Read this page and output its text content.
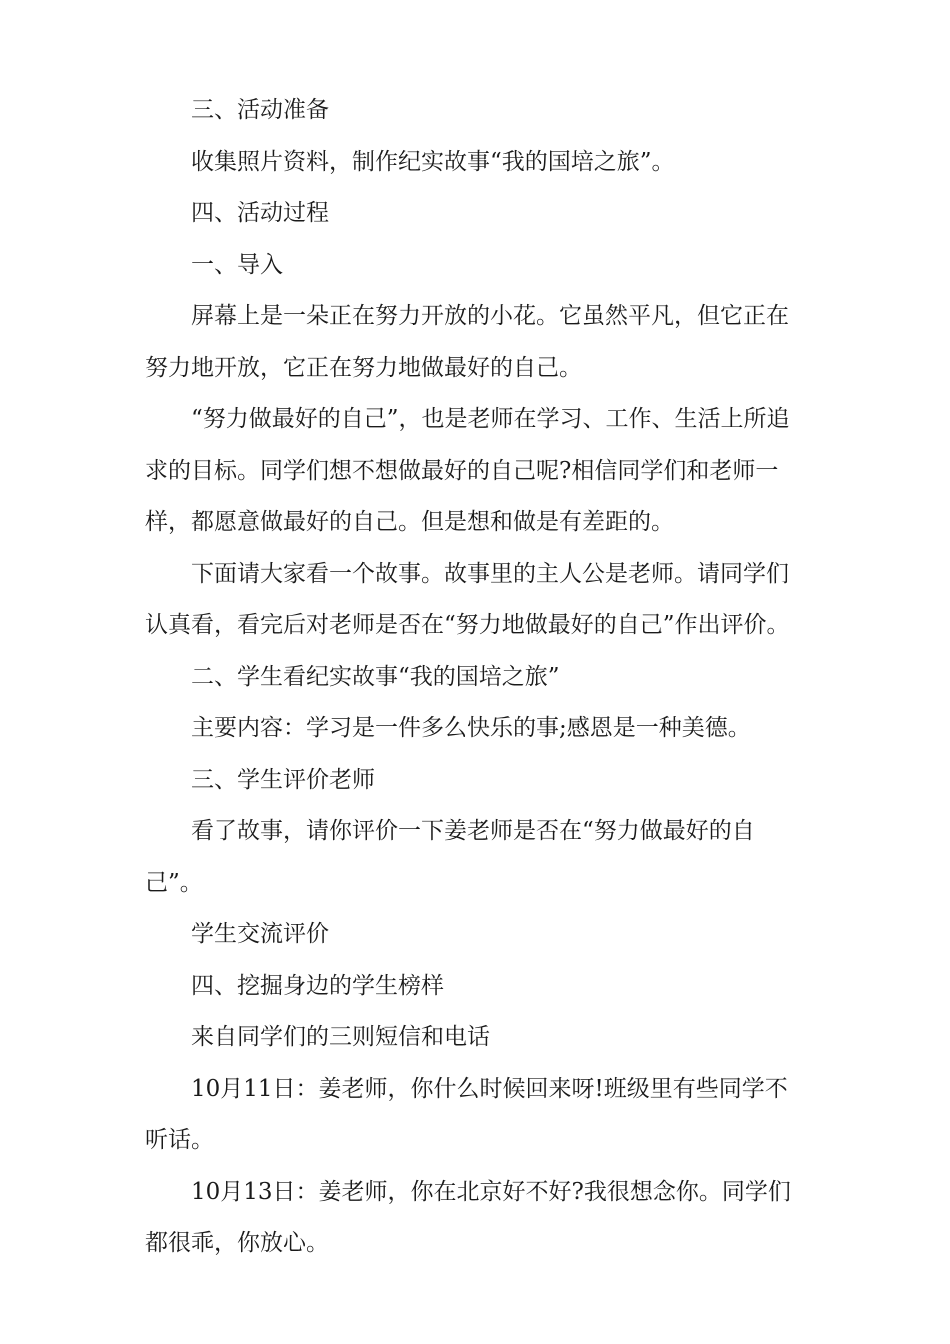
三、活动准备

收集照片资料，制作纪实故事“我的国培之旅”。

四、活动过程

一、导入

屏幕上是一朵正在努力开放的小花。它虽然平凡，但它正在努力地开放，它正在努力地做最好的自己。

“努力做最好的自己”，也是老师在学习、工作、生活上所追求的目标。同学们想不想做最好的自己呢?相信同学们和老师一样，都愿意做最好的自己。但是想和做是有差距的。

下面请大家看一个故事。故事里的主人公是老师。请同学们认真看，看完后对老师是否在“努力地做最好的自己”作出评价。

二、学生看纪实故事“我的国培之旅”

主要内容：学习是一件多么快乐的事;感恩是一种美德。

三、学生评价老师

看了故事，请你评价一下姜老师是否在“努力做最好的自己”。

学生交流评价

四、挖掘身边的学生榜样

来自同学们的三则短信和电话

10月11日：姜老师，你什么时候回来呀!班级里有些同学不听话。

10月13日：姜老师，你在北京好不好?我很想念你。同学们都很乖，你放心。
